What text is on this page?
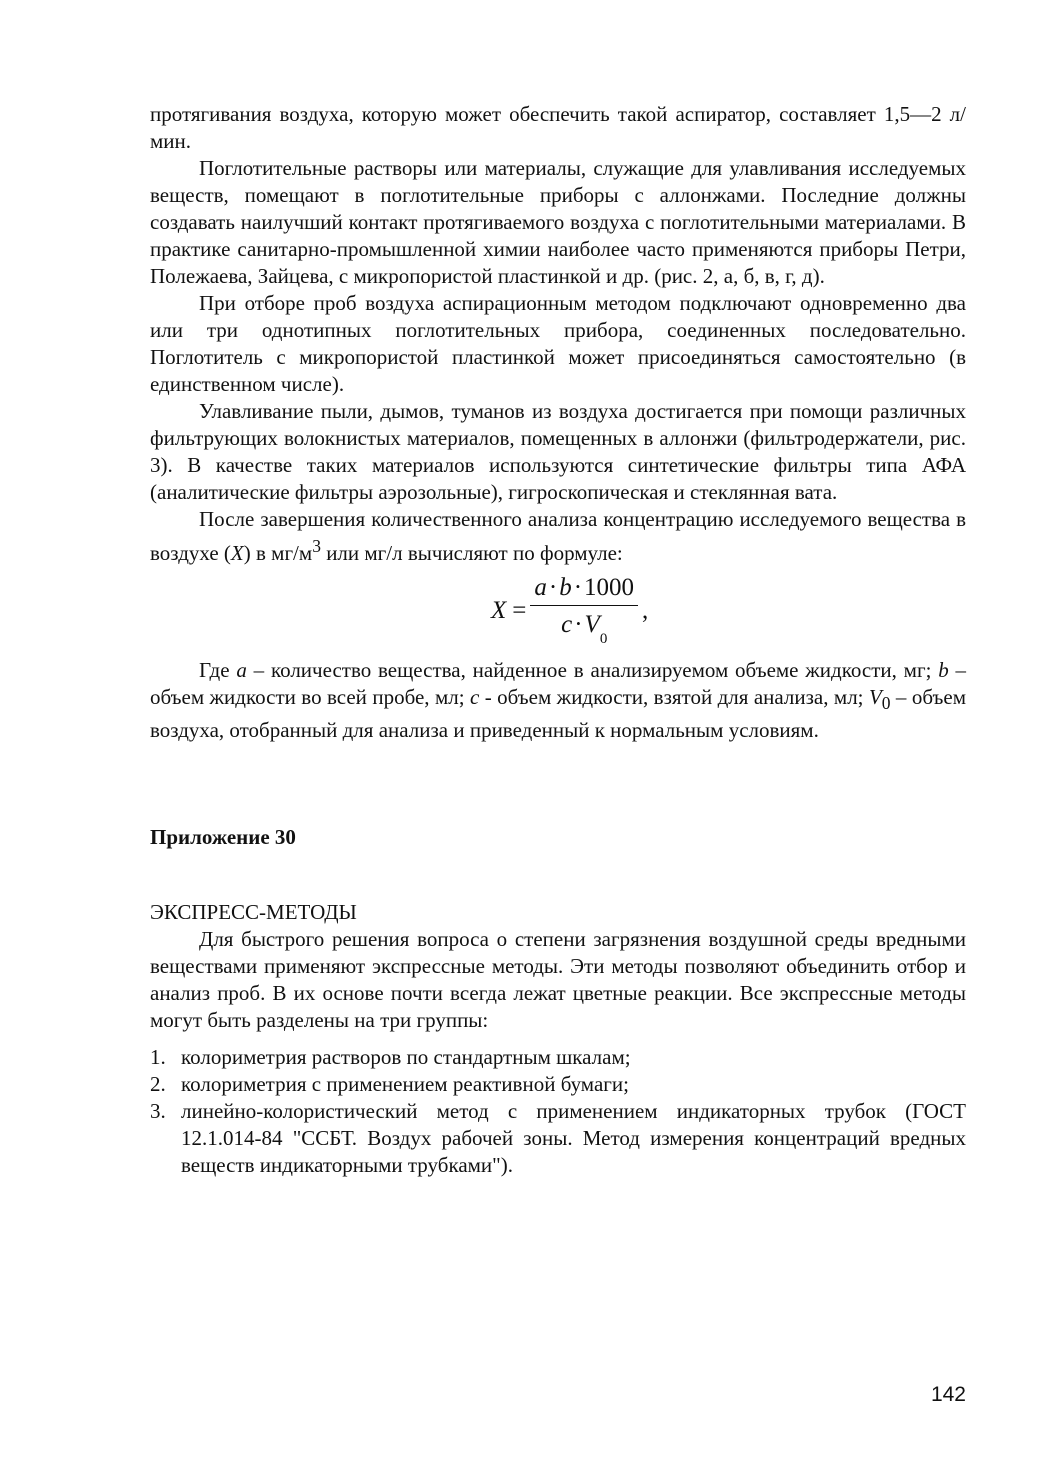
протягивания воздуха, которую может обеспечить такой аспиратор, составляет 1,5—2 л/мин.

Поглотительные растворы или материалы, служащие для улавливания исследуемых веществ, помещают в поглотительные приборы с аллонжами. Последние должны создавать наилучший контакт протягиваемого воздуха с поглотительными материалами. В практике санитарно-промышленной химии наиболее часто применяются приборы Петри, Полежаева, Зайцева, с микропористой пластинкой и др. (рис. 2, а, б, в, г, д).

При отборе проб воздуха аспирационным методом подключают одновременно два или три однотипных поглотительных прибора, соединенных последовательно. Поглотитель с микропористой пластинкой может присоединяться самостоятельно (в единственном числе).

Улавливание пыли, дымов, туманов из воздуха достигается при помощи различных фильтрующих волокнистых материалов, помещенных в аллонжи (фильтродержатели, рис. 3). В качестве таких материалов используются синтетические фильтры типа АФА (аналитические фильтры аэрозольные), гигроскопическая и стеклянная вата.

После завершения количественного анализа концентрацию исследуемого вещества в воздухе (X) в $мг/м^3$ или мг/л вычисляют по формуле:

$X = \frac{a\cdot b\cdot 1000}{c\cdot V_0}$ ,

Где a – количество вещества, найденное в анализируемом объеме жидкости, мг; b – объем жидкости во всей пробе, мл; c - объем жидкости, взятой для анализа, мл; $V_0$ – объем воздуха, отобранный для анализа и приведенный к нормальным условиям.

Приложение 30

ЭКСПРЕСС-МЕТОДЫ

Для быстрого решения вопроса о степени загрязнения воздушной среды вредными веществами применяют экспрессные методы. Эти методы позволяют объединить отбор и анализ проб. В их основе почти всегда лежат цветные реакции. Все экспрессные методы могут быть разделены на три группы:

1. колориметрия растворов по стандартным шкалам;
2. колориметрия с применением реактивной бумаги;
3. линейно-колористический метод с применением индикаторных трубок (ГОСТ 12.1.014-84 "ССБТ. Воздух рабочей зоны. Метод измерения концентраций вредных веществ индикаторными трубками").
142
